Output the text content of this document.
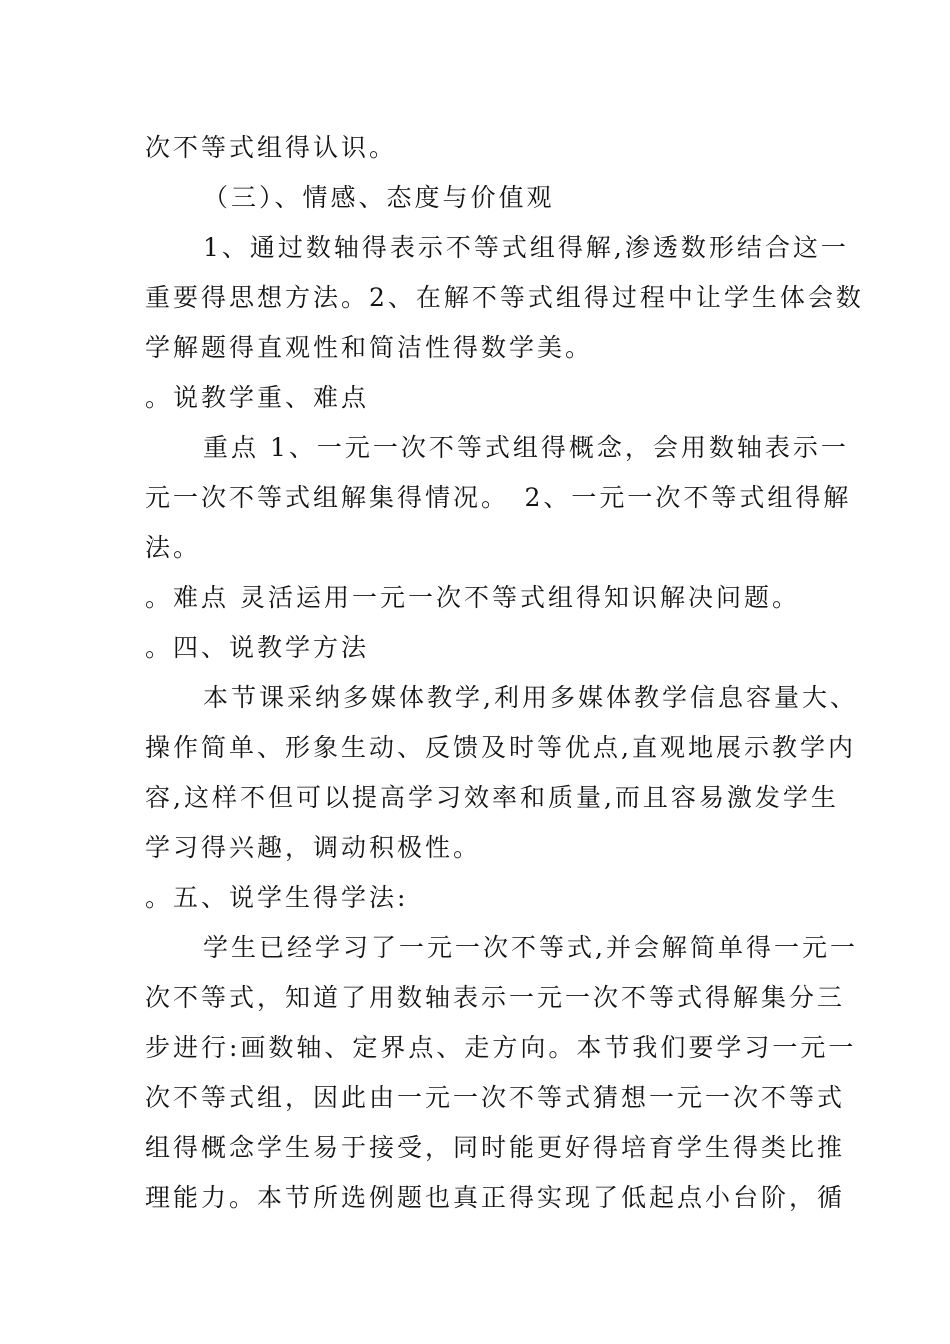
次不等式组得认识。
（三）、情感、态度与价值观
1、通过数轴得表示不等式组得解,渗透数形结合这一
重要得思想方法。2、在解不等式组得过程中让学生体会数
学解题得直观性和简洁性得数学美。
。说教学重、难点
重点 1、一元一次不等式组得概念，会用数轴表示一
元一次不等式组解集得情况。　2、一元一次不等式组得解
法。
。难点 灵活运用一元一次不等式组得知识解决问题。
。四、说教学方法
本节课采纳多媒体教学,利用多媒体教学信息容量大、
操作简单、形象生动、反馈及时等优点,直观地展示教学内
容,这样不但可以提高学习效率和质量,而且容易激发学生
学习得兴趣，调动积极性。
。五、说学生得学法:
学生已经学习了一元一次不等式,并会解简单得一元一
次不等式，知道了用数轴表示一元一次不等式得解集分三
步进行:画数轴、定界点、走方向。本节我们要学习一元一
次不等式组，因此由一元一次不等式猜想一元一次不等式
组得概念学生易于接受，同时能更好得培育学生得类比推
理能力。本节所选例题也真正得实现了低起点小台阶，循
